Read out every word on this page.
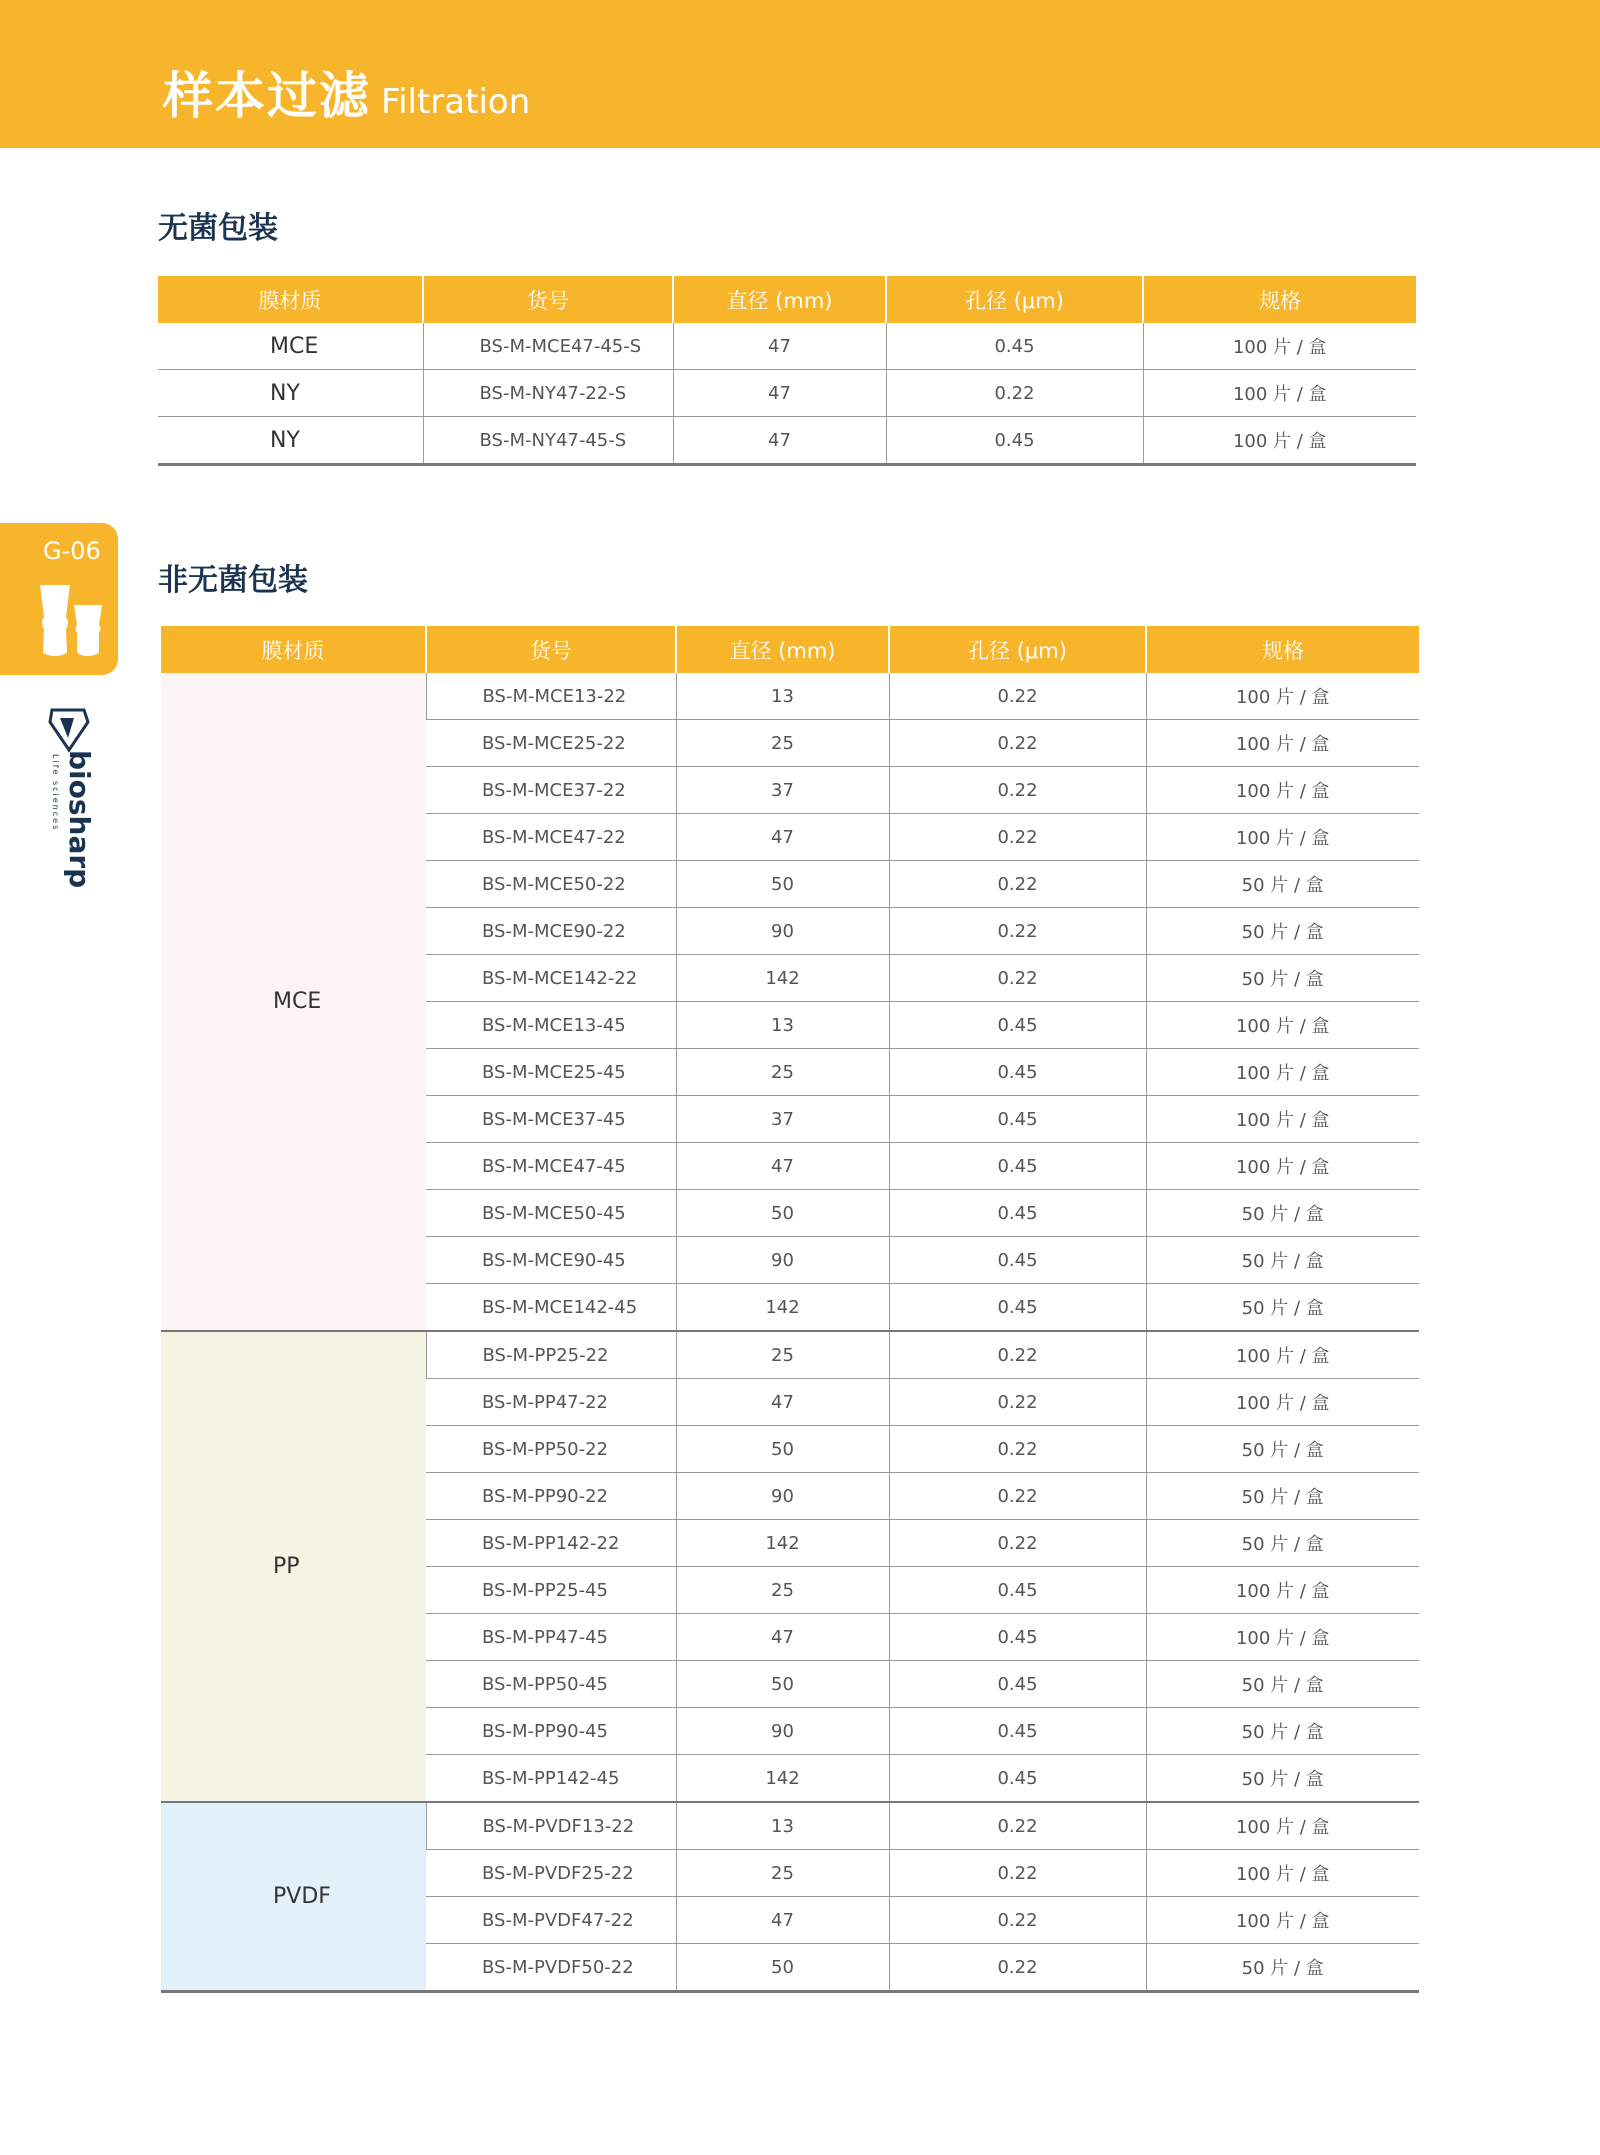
样本过滤 Filtration
G-06
biosharp
Life sciences
无菌包装
膜材质	货号	直径 (mm)	孔径 (μm)	规格
MCE	BS-M-MCE47-45-S	47	0.45	100 片 / 盒
NY	BS-M-NY47-22-S	47	0.22	100 片 / 盒
NY	BS-M-NY47-45-S	47	0.45	100 片 / 盒
非无菌包装
膜材质	货号	直径 (mm)	孔径 (μm)	规格
MCE	BS-M-MCE13-22	13	0.22	100 片 / 盒
	BS-M-MCE25-22	25	0.22	100 片 / 盒
	BS-M-MCE37-22	37	0.22	100 片 / 盒
	BS-M-MCE47-22	47	0.22	100 片 / 盒
	BS-M-MCE50-22	50	0.22	50 片 / 盒
	BS-M-MCE90-22	90	0.22	50 片 / 盒
	BS-M-MCE142-22	142	0.22	50 片 / 盒
	BS-M-MCE13-45	13	0.45	100 片 / 盒
	BS-M-MCE25-45	25	0.45	100 片 / 盒
	BS-M-MCE37-45	37	0.45	100 片 / 盒
	BS-M-MCE47-45	47	0.45	100 片 / 盒
	BS-M-MCE50-45	50	0.45	50 片 / 盒
	BS-M-MCE90-45	90	0.45	50 片 / 盒
	BS-M-MCE142-45	142	0.45	50 片 / 盒
PP	BS-M-PP25-22	25	0.22	100 片 / 盒
	BS-M-PP47-22	47	0.22	100 片 / 盒
	BS-M-PP50-22	50	0.22	50 片 / 盒
	BS-M-PP90-22	90	0.22	50 片 / 盒
	BS-M-PP142-22	142	0.22	50 片 / 盒
	BS-M-PP25-45	25	0.45	100 片 / 盒
	BS-M-PP47-45	47	0.45	100 片 / 盒
	BS-M-PP50-45	50	0.45	50 片 / 盒
	BS-M-PP90-45	90	0.45	50 片 / 盒
	BS-M-PP142-45	142	0.45	50 片 / 盒
PVDF	BS-M-PVDF13-22	13	0.22	100 片 / 盒
	BS-M-PVDF25-22	25	0.22	100 片 / 盒
	BS-M-PVDF47-22	47	0.22	100 片 / 盒
	BS-M-PVDF50-22	50	0.22	50 片 / 盒
